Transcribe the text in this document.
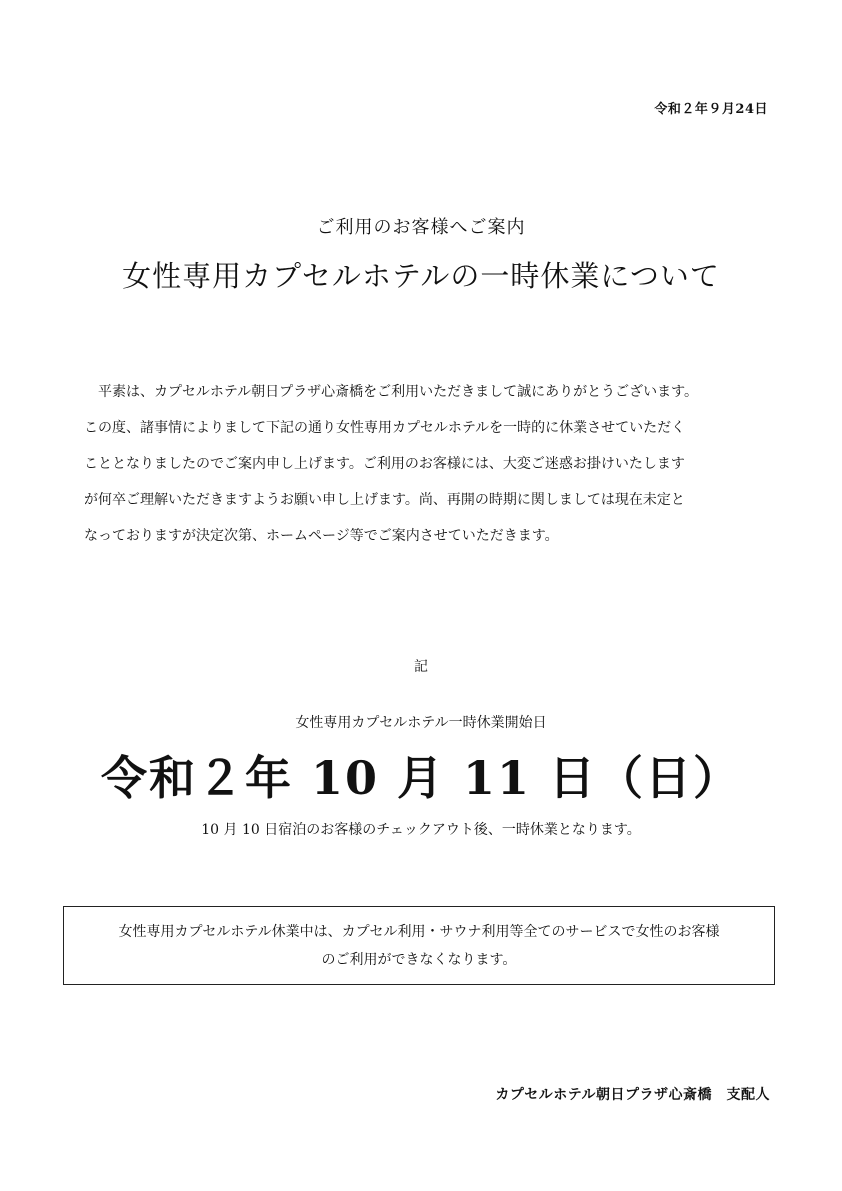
令和２年９月24日
ご利用のお客様へご案内
女性専用カプセルホテルの一時休業について

平素は、カプセルホテル朝日プラザ心斎橋をご利用いただきまして誠にありがとうございます。

この度、諸事情によりまして下記の通り女性専用カプセルホテルを一時的に休業させていただく

こととなりましたのでご案内申し上げます。ご利用のお客様には、大変ご迷惑お掛けいたします

が何卒ご理解いただきますようお願い申し上げます。尚、再開の時期に関しましては現在未定と

なっておりますが決定次第、ホームページ等でご案内させていただきます。

記
女性専用カプセルホテル一時休業開始日
令和２年 10 月 11 日（日）
10 月 10 日宿泊のお客様のチェックアウト後、一時休業となります。

女性専用カプセルホテル休業中は、カプセル利用・サウナ利用等全てのサービスで女性のお客様

のご利用ができなくなります。

カプセルホテル朝日プラザ心斎橋　支配人
